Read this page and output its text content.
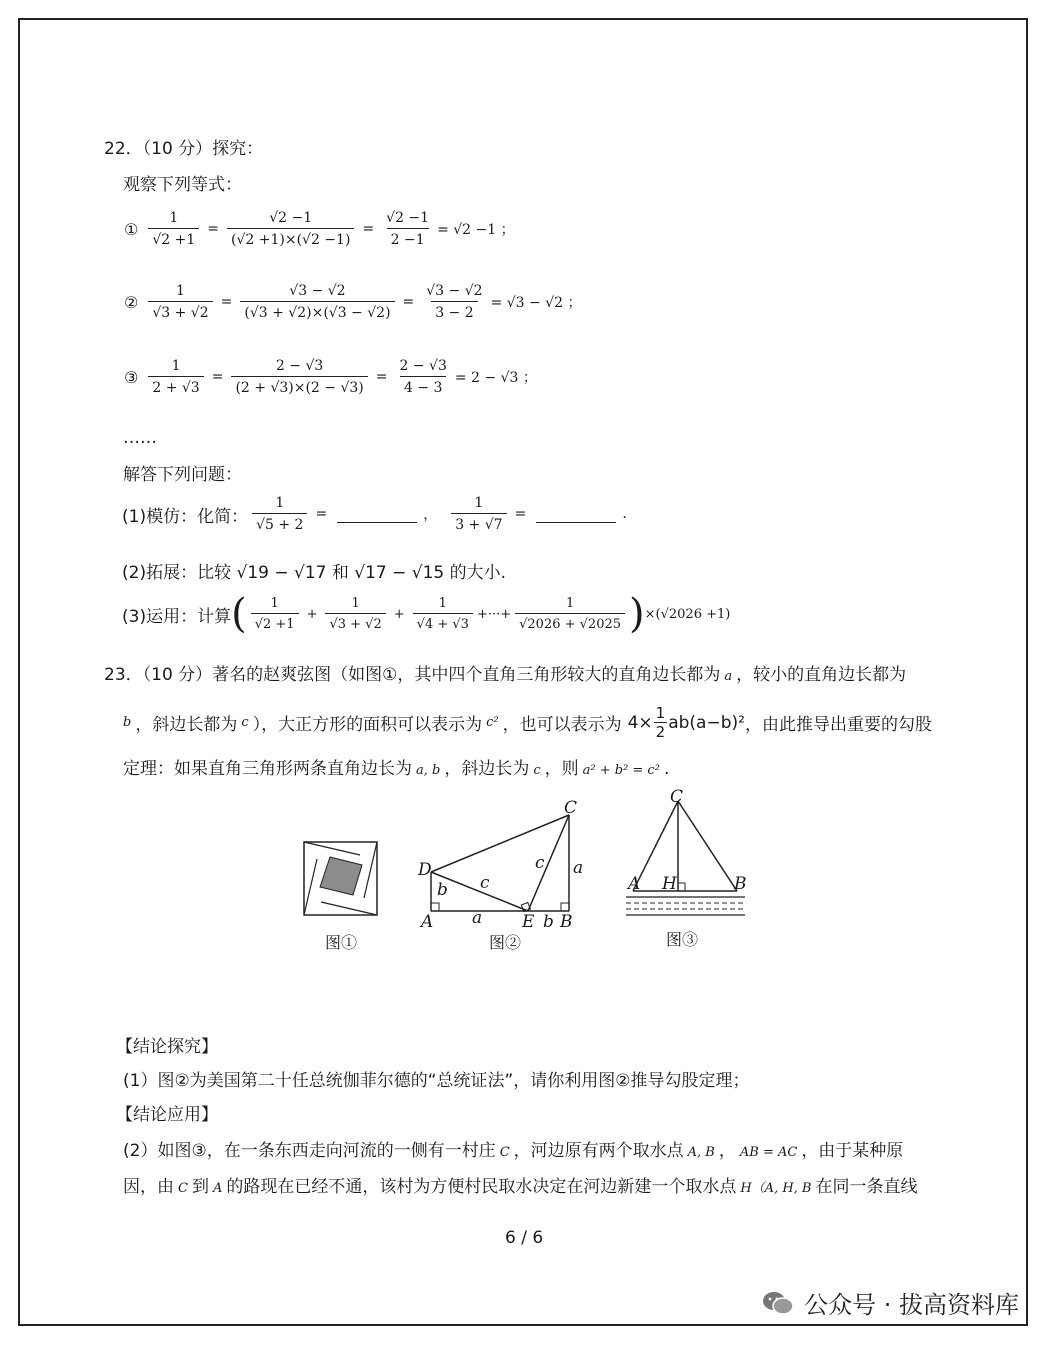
22．（10 分）探究：
观察下列等式：
① $\frac{1}{√2 +1} = \frac{√2 -1}{(√2 +1)\times(√2 -1)} = \frac{√2 -1}{2 -1} = √2 -1$ ；
② $\frac{1}{√3 + √2} = \frac{√3 - √2}{(√3 + √2)\times(√3 - √2)} = \frac{√3 - √2}{3 - 2} = √3 - √2$ ；
③ $\frac{1}{2 + √3} = \frac{2 - √3}{(2 + √3)\times(2 - √3)} = \frac{2 - √3}{4 - 3} = 2 - √3$ ；
……
解答下列问题：
(1)模仿：化简： $\frac{1}{√5 + 2}$ =	， $\frac{1}{3 + √7}$ =	.
(2)拓展：比较 √19 − √17 和 √17 − √15 的大小.
(3)运用：计算 ( $\frac{1}{√2 +1} + \frac{1}{√3 + √2} + \frac{1}{√4 + √3}$ +···+ $\frac{1}{√2026 + √2025}$ ) ×(√2026 +1)
23．（10 分）著名的赵爽弦图（如图①，其中四个直角三角形较大的直角边长都为 a ，较小的直角边长都为
b ，斜边长都为 c ），大正方形的面积可以表示为 c² ，也可以表示为 $4\times \frac{1}{2} ab(a-b)^2$ ，由此推导出重要的勾股
定理：如果直角三角形两条直角边长为 a, b ，斜边长为 c ，则 a² + b² = c² .
C
D
A	E B
a
a
b
b
c
c
C
A H	B
图①	图②	图③
【结论探究】
(1）图②为美国第二十任总统伽菲尔德的“总统证法”，请你利用图②推导勾股定理；
【结论应用】
(2）如图③，在一条东西走向河流的一侧有一村庄 C ，河边原有两个取水点 A, B ， AB = AC ，由于某种原
因，由 C 到 A 的路现在已经不通，该村为方便村民取水决定在河边新建一个取水点 H（A, H, B 在同一条直线
6 / 6
公众号 · 拔高资料库
